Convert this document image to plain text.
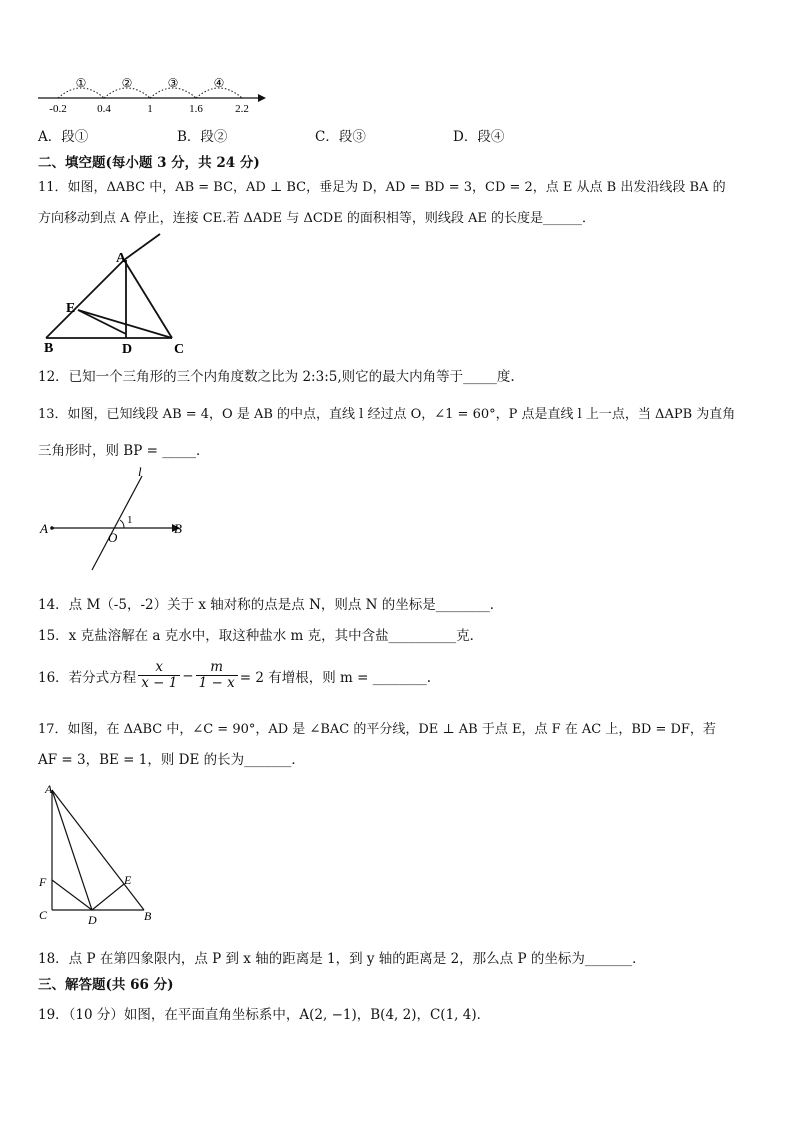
①	②	③	④
-0.2	0.4	1	1.6	2.2
A．段①	B．段②	C．段③	D．段④
二、填空题(每小题 3 分，共 24 分)
11．如图，ΔABC 中，AB = BC，AD ⊥ BC，垂足为 D，AD = BD = 3，CD = 2，点 E 从点 B 出发沿线段 BA 的
方向移动到点 A 停止，连接 CE.若 ΔADE 与 ΔCDE 的面积相等，则线段 AE 的长度是______．
A
E
B	D	C
12．已知一个三角形的三个内角度数之比为 2:3:5,则它的最大内角等于_____度.
13．如图，已知线段 AB = 4，O 是 AB 的中点，直线 l 经过点 O，∠1 = 60°，P 点是直线 l 上一点，当 ΔAPB 为直角
三角形时，则 BP = _____．
l
A	B
O
1
14．点 M（-5，-2）关于 x 轴对称的点是点 N，则点 N 的坐标是________．
15．x 克盐溶解在 a 克水中，取这种盐水 m 克，其中含盐__________克．
16．若分式方程 $\frac{x}{x - 1} - \frac{m}{1 - x} = 2$ 有增根，则 m = ________.
17．如图，在 ΔABC 中，∠C = 90°，AD 是 ∠BAC 的平分线，DE ⊥ AB 于点 E，点 F 在 AC 上，BD = DF，若
AF = 3，BE = 1，则 DE 的长为_______．
A
F	E
C	D	B
18．点 P 在第四象限内，点 P 到 x 轴的距离是 1，到 y 轴的距离是 2，那么点 P 的坐标为_______．
三、解答题(共 66 分)
19．（10 分）如图，在平面直角坐标系中，A(2, −1)，B(4, 2)，C(1, 4)．
